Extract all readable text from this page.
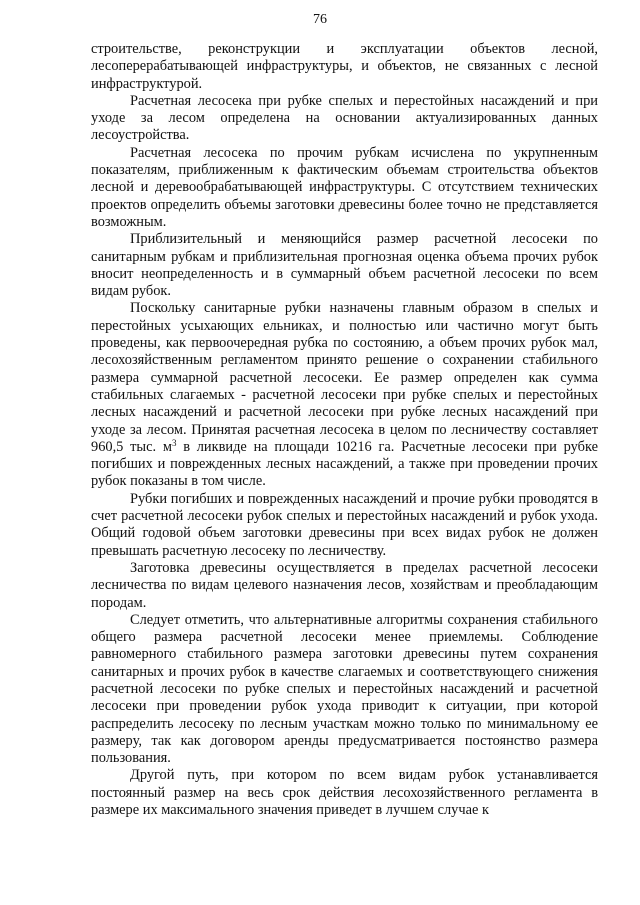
76

строительстве, реконструкции и эксплуатации объектов лесной, лесоперерабатывающей инфраструктуры, и объектов, не связанных с лесной инфраструктурой.

Расчетная лесосека при рубке спелых и перестойных насаждений и при уходе за лесом определена на основании актуализированных данных лесоустройства.

Расчетная лесосека по прочим рубкам исчислена по укрупненным показателям, приближенным к фактическим объемам строительства объектов лесной и деревообрабатывающей инфраструктуры. С отсутствием технических проектов определить объемы заготовки древесины более точно не представляется возможным.

Приблизительный и меняющийся размер расчетной лесосеки по санитарным рубкам и приблизительная прогнозная оценка объема прочих рубок вносит неопределенность и в суммарный объем расчетной лесосеки по всем видам рубок.

Поскольку санитарные рубки назначены главным образом в спелых и перестойных усыхающих ельниках, и полностью или частично могут быть проведены, как первоочередная рубка по состоянию, а объем прочих рубок мал, лесохозяйственным регламентом принято решение о сохранении стабильного размера суммарной расчетной лесосеки. Ее размер определен как сумма стабильных слагаемых - расчетной лесосеки при рубке спелых и перестойных лесных насаждений и расчетной лесосеки при рубке лесных насаждений при уходе за лесом. Принятая расчетная лесосека в целом по лесничеству составляет 960,5 тыс. $м^3$ в ликвиде на площади 10216 га. Расчетные лесосеки при рубке погибших и поврежденных лесных насаждений, а также при проведении прочих рубок показаны в том числе.

Рубки погибших и поврежденных насаждений и прочие рубки проводятся в счет расчетной лесосеки рубок спелых и перестойных насаждений и рубок ухода. Общий годовой объем заготовки древесины при всех видах рубок не должен превышать расчетную лесосеку по лесничеству.

Заготовка древесины осуществляется в пределах расчетной лесосеки лесничества по видам целевого назначения лесов, хозяйствам и преобладающим породам.

Следует отметить, что альтернативные алгоритмы сохранения стабильного общего размера расчетной лесосеки менее приемлемы. Соблюдение равномерного стабильного размера заготовки древесины путем сохранения санитарных и прочих рубок в качестве слагаемых и соответствующего снижения расчетной лесосеки по рубке спелых и перестойных насаждений и расчетной лесосеки при проведении рубок ухода приводит к ситуации, при которой распределить лесосеку по лесным участкам можно только по минимальному ее размеру, так как договором аренды предусматривается постоянство размера пользования.

Другой путь, при котором по всем видам рубок устанавливается постоянный размер на весь срок действия лесохозяйственного регламента в размере их максимального значения приведет в лучшем случае к
